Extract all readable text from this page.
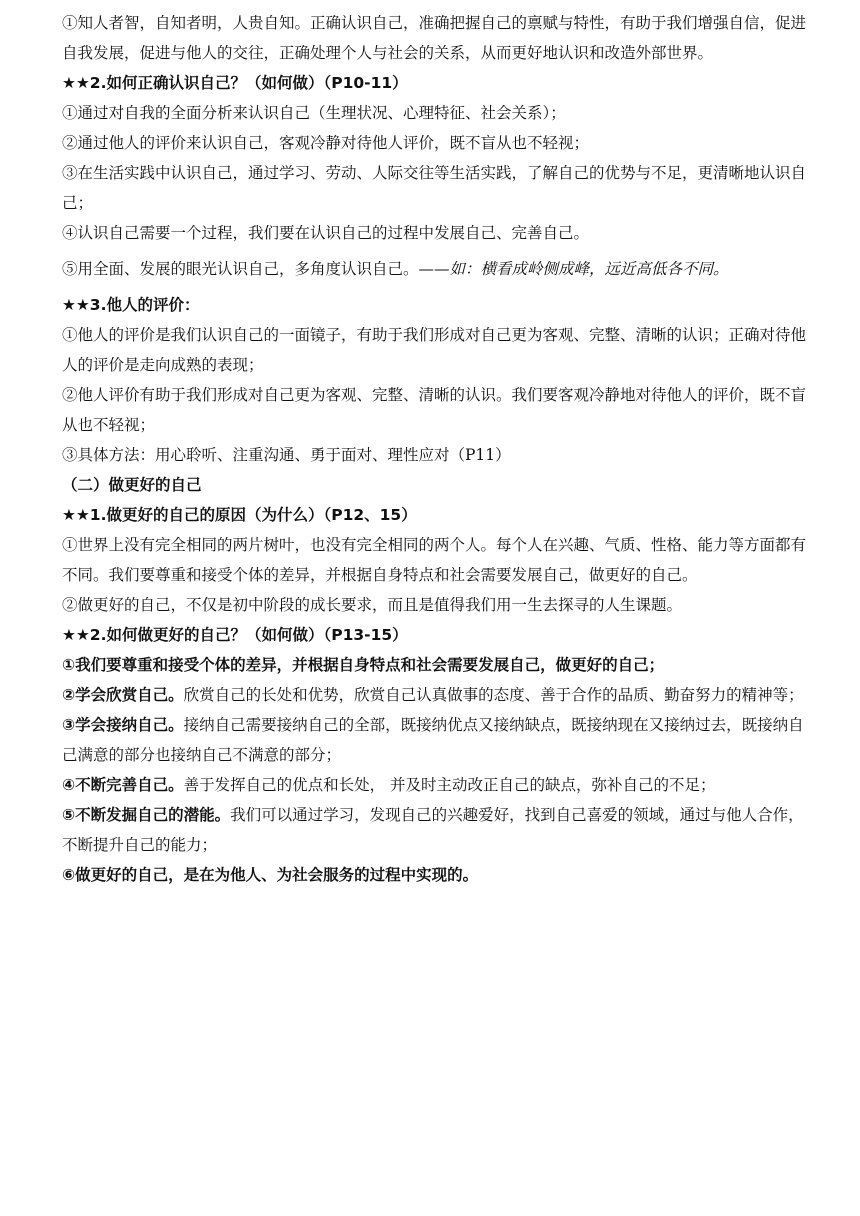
①知人者智，自知者明，人贵自知。正确认识自己，准确把握自己的禀赋与特性，有助于我们增强自信，促进自我发展，促进与他人的交往，正确处理个人与社会的关系，从而更好地认识和改造外部世界。

★★2.如何正确认识自己？（如何做）（P10-11）

①通过对自我的全面分析来认识自己（生理状况、心理特征、社会关系）；

②通过他人的评价来认识自己，客观冷静对待他人评价，既不盲从也不轻视；

③在生活实践中认识自己，通过学习、劳动、人际交往等生活实践，了解自己的优势与不足，更清晰地认识自己；

④认识自己需要一个过程，我们要在认识自己的过程中发展自己、完善自己。

⑤用全面、发展的眼光认识自己，多角度认识自己。——如：横看成岭侧成峰，远近高低各不同。

★★3.他人的评价：

①他人的评价是我们认识自己的一面镜子，有助于我们形成对自己更为客观、完整、清晰的认识；正确对待他人的评价是走向成熟的表现；

②他人评价有助于我们形成对自己更为客观、完整、清晰的认识。我们要客观冷静地对待他人的评价，既不盲从也不轻视；

③具体方法：用心聆听、注重沟通、勇于面对、理性应对（P11）

（二）做更好的自己

★★1.做更好的自己的原因（为什么）（P12、15）

①世界上没有完全相同的两片树叶，也没有完全相同的两个人。每个人在兴趣、气质、性格、能力等方面都有不同。我们要尊重和接受个体的差异，并根据自身特点和社会需要发展自己，做更好的自己。

②做更好的自己，不仅是初中阶段的成长要求，而且是值得我们用一生去探寻的人生课题。

★★2.如何做更好的自己？（如何做）（P13-15）

①我们要尊重和接受个体的差异，并根据自身特点和社会需要发展自己，做更好的自己；

②学会欣赏自己。欣赏自己的长处和优势，欣赏自己认真做事的态度、善于合作的品质、勤奋努力的精神等；

③学会接纳自己。接纳自己需要接纳自己的全部，既接纳优点又接纳缺点，既接纳现在又接纳过去，既接纳自己满意的部分也接纳自己不满意的部分；

④不断完善自己。善于发挥自己的优点和长处， 并及时主动改正自己的缺点，弥补自己的不足；

⑤不断发掘自己的潜能。我们可以通过学习，发现自己的兴趣爱好，找到自己喜爱的领域，通过与他人合作，不断提升自己的能力；

⑥做更好的自己，是在为他人、为社会服务的过程中实现的。
